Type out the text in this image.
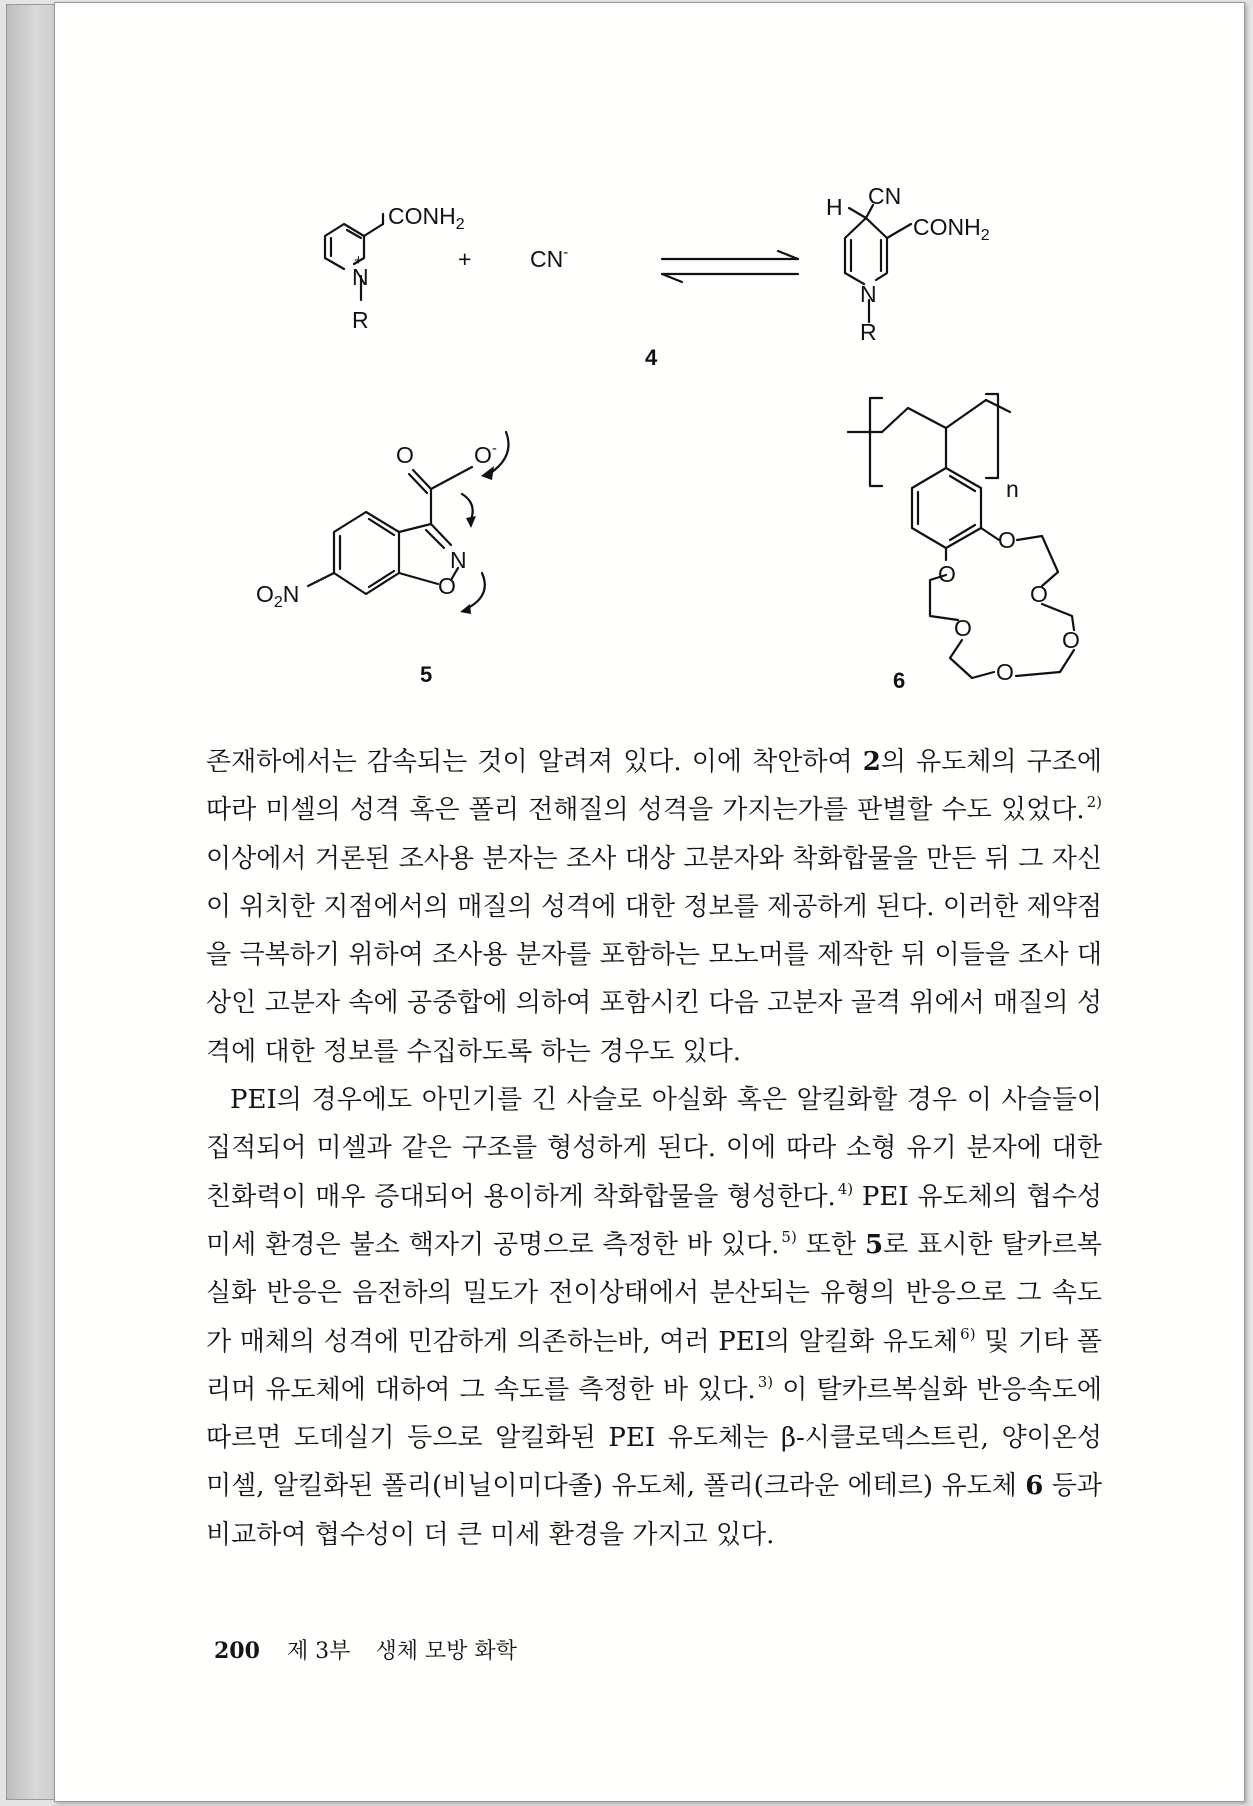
$CONH_2$
N
+
R
+	CN-
H CN
$CONH_2$
N
R
4
O	O-
N
O
$O_2N$
5
n
O
O
O
O	O
O
6

존재하에서는 감속되는 것이 알려져 있다. 이에 착안하여 2의 유도체의 구조에 따라 미셀의 성격 혹은 폴리 전해질의 성격을 가지는가를 판별할 수도 있었다. $^{2)}$ 이상에서 거론된 조사용 분자는 조사 대상 고분자와 착화합물을 만든 뒤 그 자신이 위치한 지점에서의 매질의 성격에 대한 정보를 제공하게 된다. 이러한 제약점을 극복하기 위하여 조사용 분자를 포함하는 모노머를 제작한 뒤 이들을 조사 대상인 고분자 속에 공중합에 의하여 포함시킨 다음 고분자 골격 위에서 매질의 성격에 대한 정보를 수집하도록 하는 경우도 있다.

PEI의 경우에도 아민기를 긴 사슬로 아실화 혹은 알킬화할 경우 이 사슬들이 집적되어 미셀과 같은 구조를 형성하게 된다. 이에 따라 소형 유기 분자에 대한 친화력이 매우 증대되어 용이하게 착화합물을 형성한다. $^{4)}$ PEI 유도체의 협수성 미세 환경은 불소 핵자기 공명으로 측정한 바 있다. $^{5)}$ 또한 5로 표시한 탈카르복실화 반응은 음전하의 밀도가 전이상태에서 분산되는 유형의 반응으로 그 속도가 매체의 성격에 민감하게 의존하는바, 여러 PEI의 알킬화 유도체 $^{6)}$ 및 기타 폴리머 유도체에 대하여 그 속도를 측정한 바 있다. $^{3)}$ 이 탈카르복실화 반응속도에 따르면 도데실기 등으로 알킬화된 PEI 유도체는 β-시클로덱스트린, 양이온성 미셀, 알킬화된 폴리(비닐이미다졸) 유도체, 폴리(크라운 에테르) 유도체 6 등과 비교하여 협수성이 더 큰 미세 환경을 가지고 있다.

200 제 3부 생체 모방 화학
